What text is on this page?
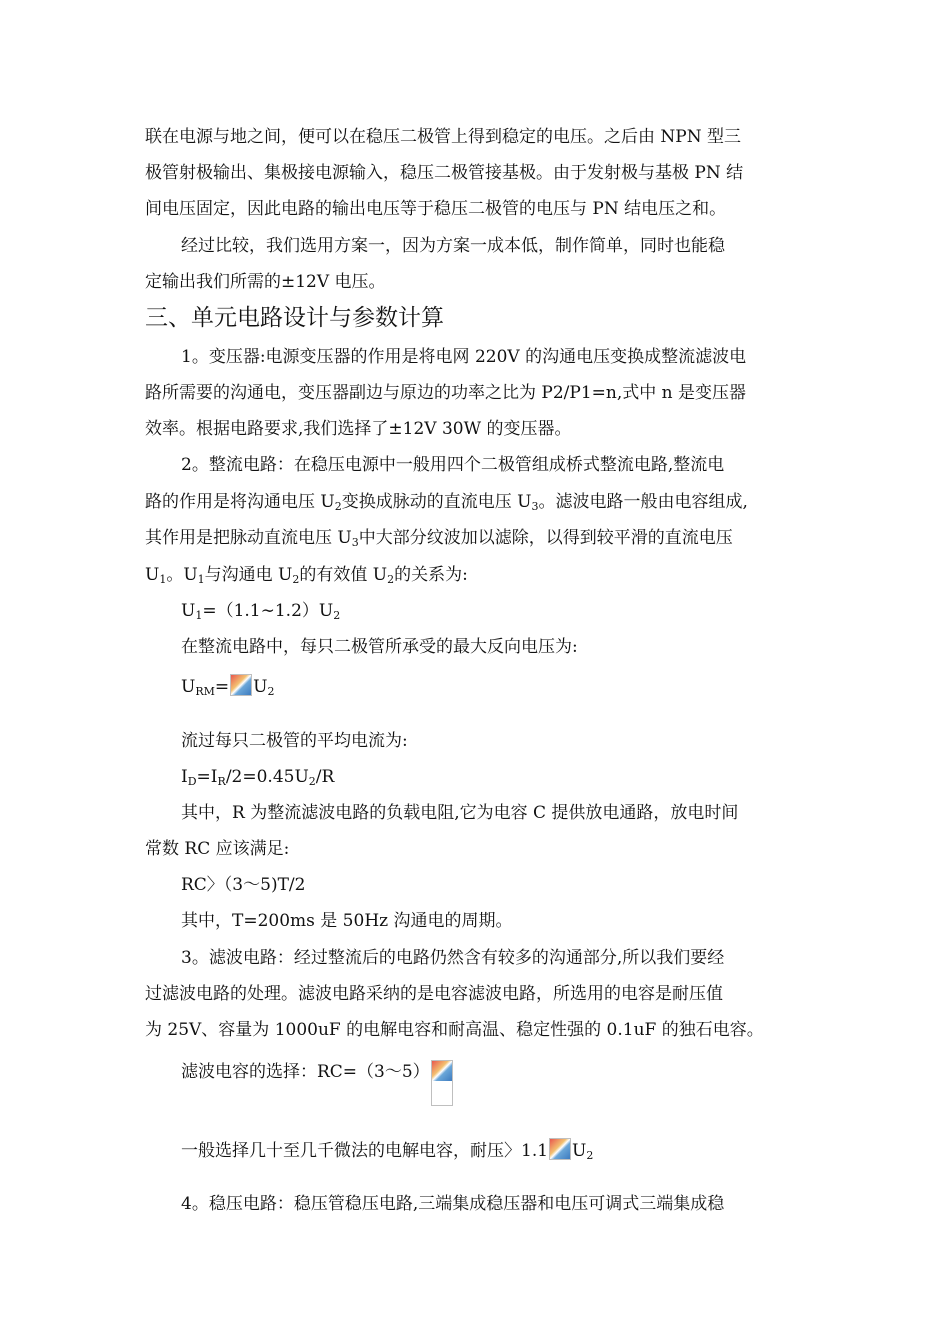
联在电源与地之间，便可以在稳压二极管上得到稳定的电压。之后由 NPN 型三
极管射极输出、集极接电源输入，稳压二极管接基极。由于发射极与基极 PN 结
间电压固定，因此电路的输出电压等于稳压二极管的电压与 PN 结电压之和。
经过比较，我们选用方案一，因为方案一成本低，制作简单，同时也能稳
定输出我们所需的±12V 电压。
三、单元电路设计与参数计算
1。变压器:电源变压器的作用是将电网 220V 的沟通电压变换成整流滤波电
路所需要的沟通电，变压器副边与原边的功率之比为 P2/P1=n,式中 n 是变压器
效率。根据电路要求,我们选择了±12V 30W 的变压器。
2。整流电路：在稳压电源中一般用四个二极管组成桥式整流电路,整流电
路的作用是将沟通电压 $U_2$变换成脉动的直流电压 $U_3$。滤波电路一般由电容组成,
其作用是把脉动直流电压 $U_3$中大部分纹波加以滤除，以得到较平滑的直流电压
$U_1$。$U_1$与沟通电 $U_2$的有效值 $U_2$的关系为:
$U_1=(1.1\sim 1.2)U_2$
在整流电路中，每只二极管所承受的最大反向电压为:
$U_{RM}= U_2$
流过每只二极管的平均电流为:
$I_D=I_R/2=0.45U_2/R$
其中，R 为整流滤波电路的负载电阻,它为电容 C 提供放电通路，放电时间
常数 RC 应该满足:
RC〉（3～5)T/2
其中，T=200ms 是 50Hz 沟通电的周期。
3。滤波电路：经过整流后的电路仍然含有较多的沟通部分,所以我们要经
过滤波电路的处理。滤波电路采纳的是电容滤波电路，所选用的电容是耐压值
为 25V、容量为 1000uF 的电解电容和耐高温、稳定性强的 0.1uF 的独石电容。
滤波电容的选择：RC=（3～5）
一般选择几十至几千微法的电解电容，耐压〉1.1 $U_2$
4。稳压电路：稳压管稳压电路,三端集成稳压器和电压可调式三端集成稳
